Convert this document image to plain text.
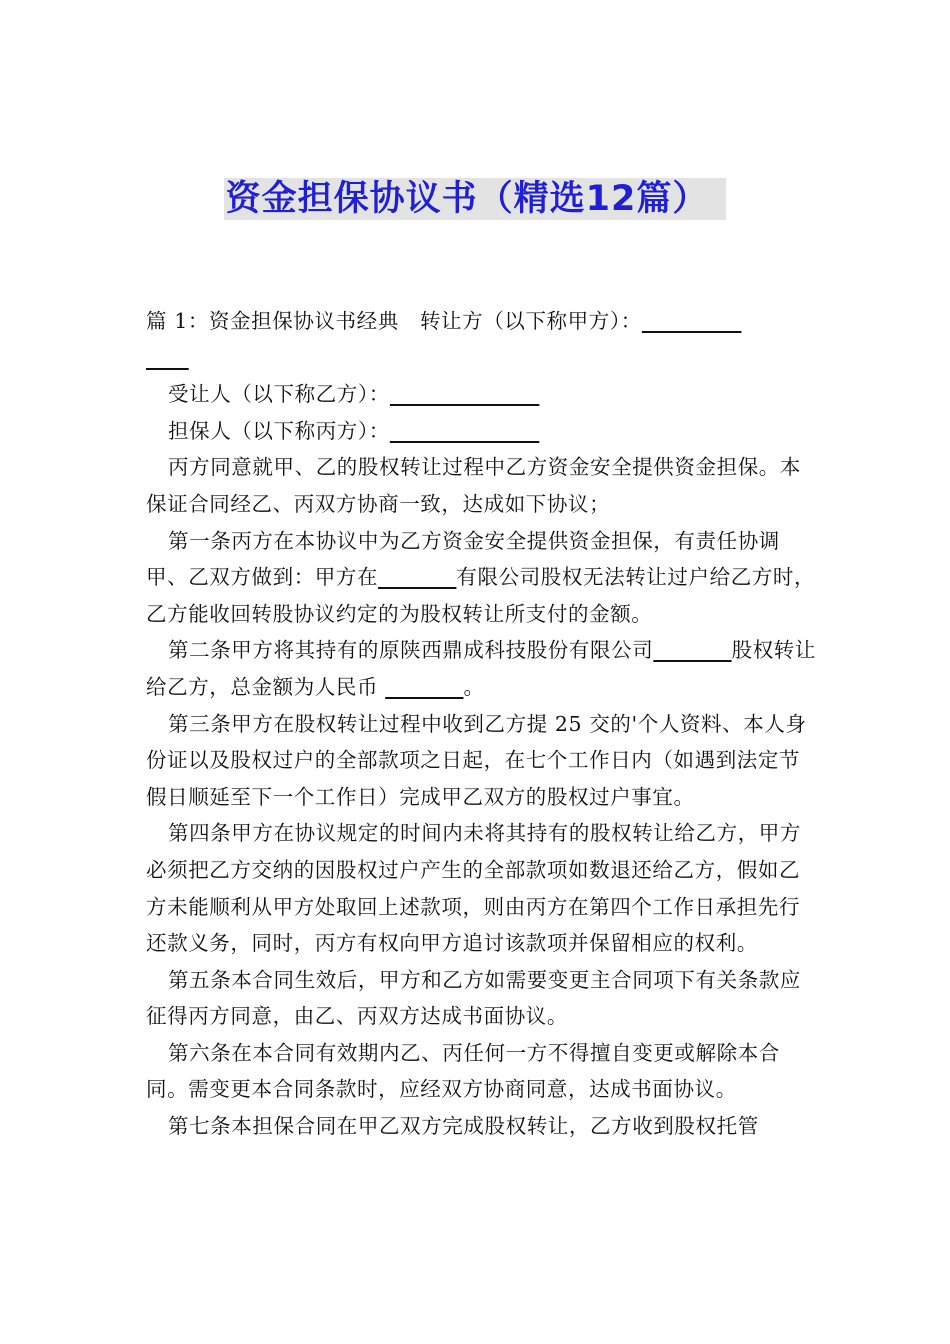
资金担保协议书（精选12篇）

篇 1：资金担保协议书经典　转让方（以下称甲方）：

受让人（以下称乙方）：

担保人（以下称丙方）：

丙方同意就甲、乙的股权转让过程中乙方资金安全提供资金担保。本保证合同经乙、丙双方协商一致，达成如下协议；

第一条丙方在本协议中为乙方资金安全提供资金担保，有责任协调甲、乙双方做到：甲方在	有限公司股权无法转让过户给乙方时，乙方能收回转股协议约定的为股权转让所支付的金额。

第二条甲方将其持有的原陕西鼎成科技股份有限公司	股权转让给乙方，总金额为人民币	。

第三条甲方在股权转让过程中收到乙方提 25 交的'个人资料、本人身份证以及股权过户的全部款项之日起，在七个工作日内（如遇到法定节假日顺延至下一个工作日）完成甲乙双方的股权过户事宜。

第四条甲方在协议规定的时间内未将其持有的股权转让给乙方，甲方必须把乙方交纳的因股权过户产生的全部款项如数退还给乙方，假如乙方未能顺利从甲方处取回上述款项，则由丙方在第四个工作日承担先行还款义务，同时，丙方有权向甲方追讨该款项并保留相应的权利。

第五条本合同生效后，甲方和乙方如需要变更主合同项下有关条款应征得丙方同意，由乙、丙双方达成书面协议。

第六条在本合同有效期内乙、丙任何一方不得擅自变更或解除本合同。需变更本合同条款时，应经双方协商同意，达成书面协议。

第七条本担保合同在甲乙双方完成股权转让，乙方收到股权托管
